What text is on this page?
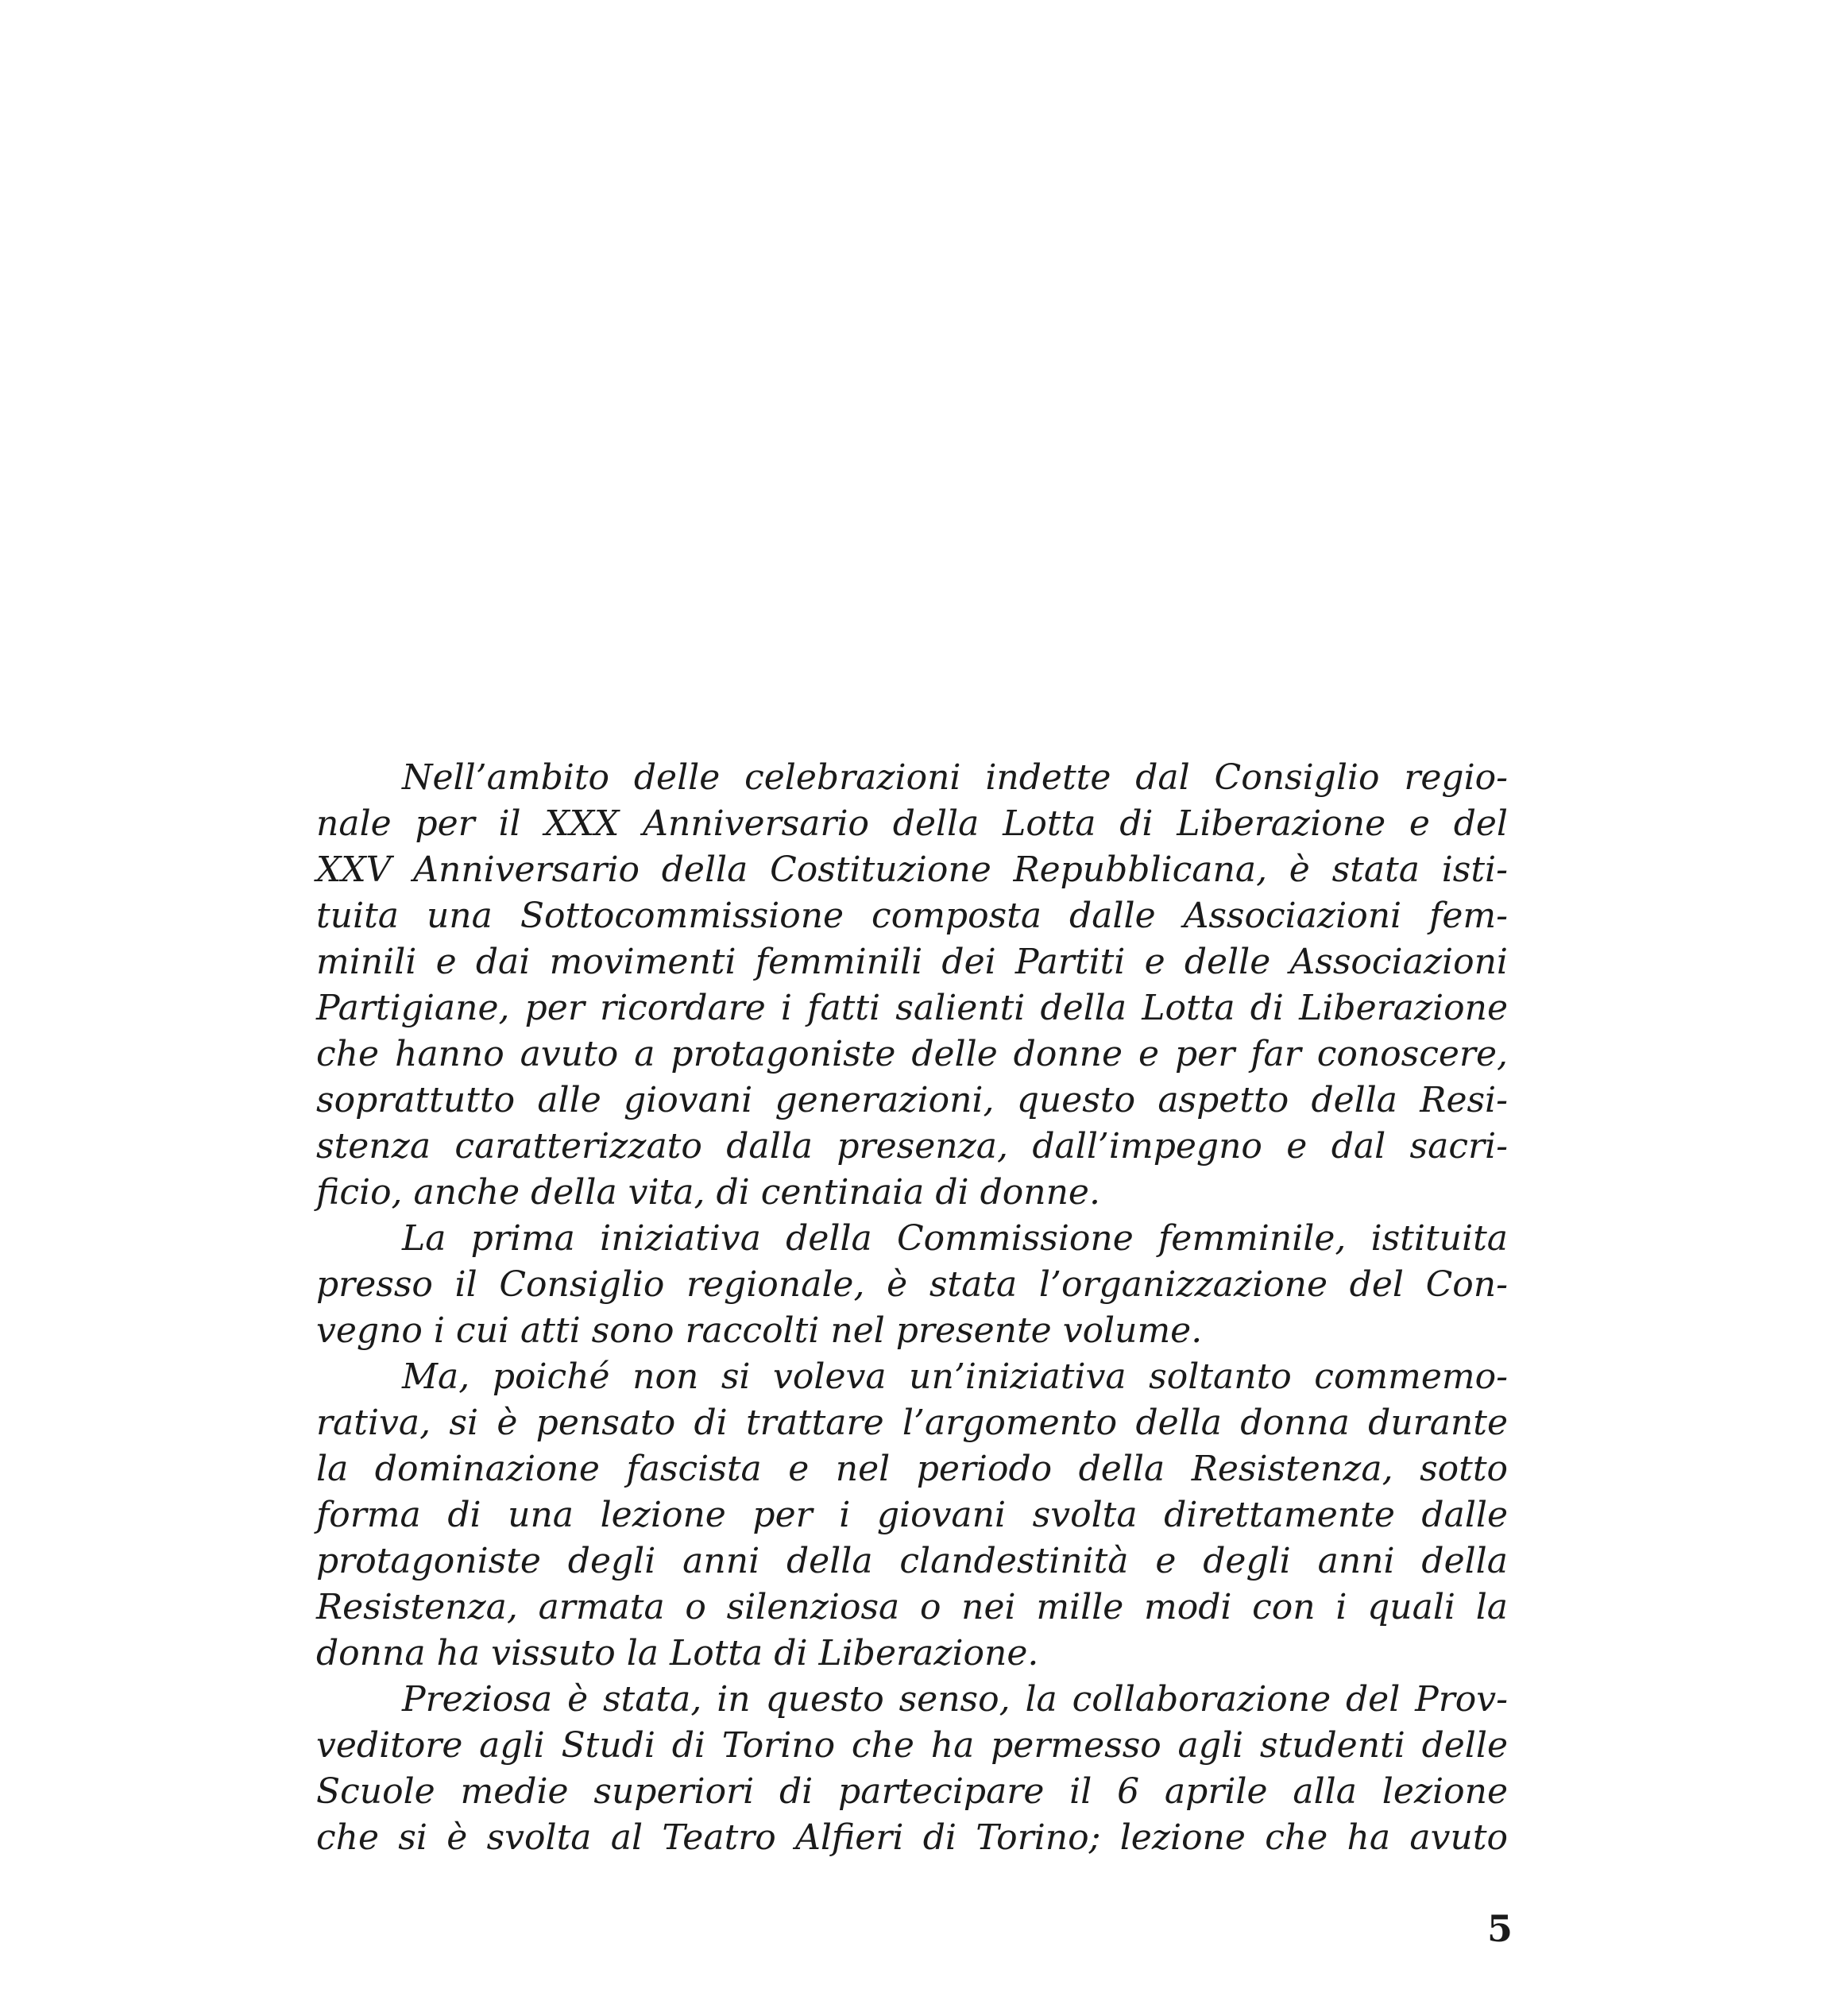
Nell’ambito delle celebrazioni indette dal Consiglio regio-
nale per il XXX Anniversario della Lotta di Liberazione e del
XXV Anniversario della Costituzione Repubblicana, è stata isti-
tuita una Sottocommissione composta dalle Associazioni fem-
minili e dai movimenti femminili dei Partiti e delle Associazioni
Partigiane, per ricordare i fatti salienti della Lotta di Liberazione
che hanno avuto a protagoniste delle donne e per far conoscere,
soprattutto alle giovani generazioni, questo aspetto della Resi-
stenza caratterizzato dalla presenza, dall’impegno e dal sacri-
ficio, anche della vita, di centinaia di donne.
La prima iniziativa della Commissione femminile, istituita
presso il Consiglio regionale, è stata l’organizzazione del Con-
vegno i cui atti sono raccolti nel presente volume.
Ma, poiché non si voleva un’iniziativa soltanto commemo-
rativa, si è pensato di trattare l’argomento della donna durante
la dominazione fascista e nel periodo della Resistenza, sotto
forma di una lezione per i giovani svolta direttamente dalle
protagoniste degli anni della clandestinità e degli anni della
Resistenza, armata o silenziosa o nei mille modi con i quali la
donna ha vissuto la Lotta di Liberazione.
Preziosa è stata, in questo senso, la collaborazione del Prov-
veditore agli Studi di Torino che ha permesso agli studenti delle
Scuole medie superiori di partecipare il 6 aprile alla lezione
che si è svolta al Teatro Alfieri di Torino; lezione che ha avuto
5
